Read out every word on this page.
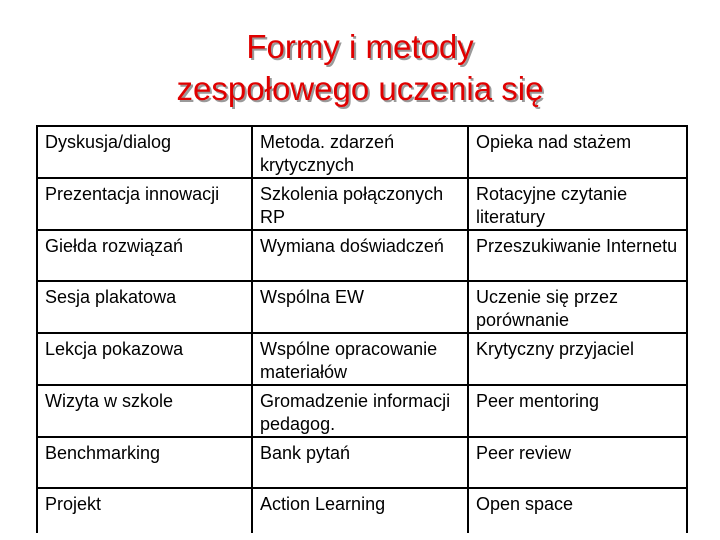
Formy i metody
zespołowego uczenia się
Dyskusja/dialog	Metoda. zdarzeń krytycznych	Opieka nad stażem
Prezentacja innowacji	Szkolenia połączonych RP	Rotacyjne czytanie literatury
Giełda rozwiązań	Wymiana doświadczeń	Przeszukiwanie Internetu
Sesja plakatowa	Wspólna EW	Uczenie się przez porównanie
Lekcja pokazowa	Wspólne opracowanie materiałów	Krytyczny przyjaciel
Wizyta w szkole	Gromadzenie informacji pedagog.	Peer mentoring
Benchmarking	Bank pytań	Peer review
Projekt	Action Learning	Open space
